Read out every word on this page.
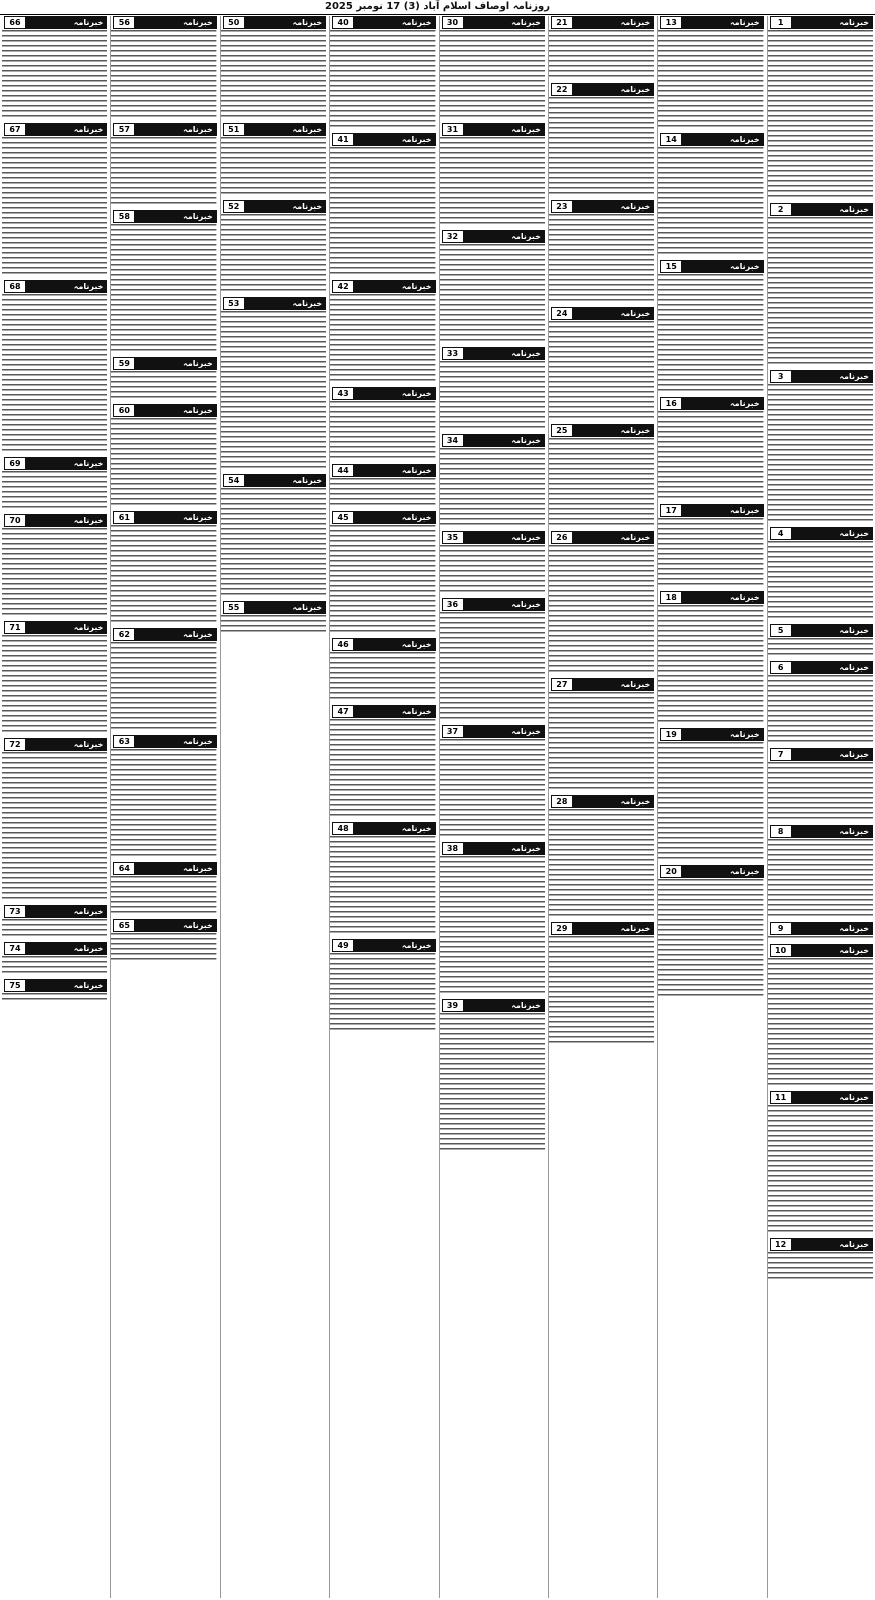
روزنامہ اوصاف اسلام آباد (3) 17 نومبر 2025
خبرنامہ
1
خبرنامہ
2
خبرنامہ
3
خبرنامہ
4
خبرنامہ
5
خبرنامہ
6
خبرنامہ
7
خبرنامہ
8
خبرنامہ
9
خبرنامہ
10
خبرنامہ
11
خبرنامہ
12
خبرنامہ
13
خبرنامہ
14
خبرنامہ
15
خبرنامہ
16
خبرنامہ
17
خبرنامہ
18
خبرنامہ
19
خبرنامہ
20
خبرنامہ
21
خبرنامہ
22
خبرنامہ
23
خبرنامہ
24
خبرنامہ
25
خبرنامہ
26
خبرنامہ
27
خبرنامہ
28
خبرنامہ
29
خبرنامہ
30
خبرنامہ
31
خبرنامہ
32
خبرنامہ
33
خبرنامہ
34
خبرنامہ
35
خبرنامہ
36
خبرنامہ
37
خبرنامہ
38
خبرنامہ
39
خبرنامہ
40
خبرنامہ
41
خبرنامہ
42
خبرنامہ
43
خبرنامہ
44
خبرنامہ
45
خبرنامہ
46
خبرنامہ
47
خبرنامہ
48
خبرنامہ
49
خبرنامہ
50
خبرنامہ
51
خبرنامہ
52
خبرنامہ
53
خبرنامہ
54
خبرنامہ
55
خبرنامہ
56
خبرنامہ
57
خبرنامہ
58
خبرنامہ
59
خبرنامہ
60
خبرنامہ
61
خبرنامہ
62
خبرنامہ
63
خبرنامہ
64
خبرنامہ
65
خبرنامہ
66
خبرنامہ
67
خبرنامہ
68
خبرنامہ
69
خبرنامہ
70
خبرنامہ
71
خبرنامہ
72
خبرنامہ
73
خبرنامہ
74
خبرنامہ
75
